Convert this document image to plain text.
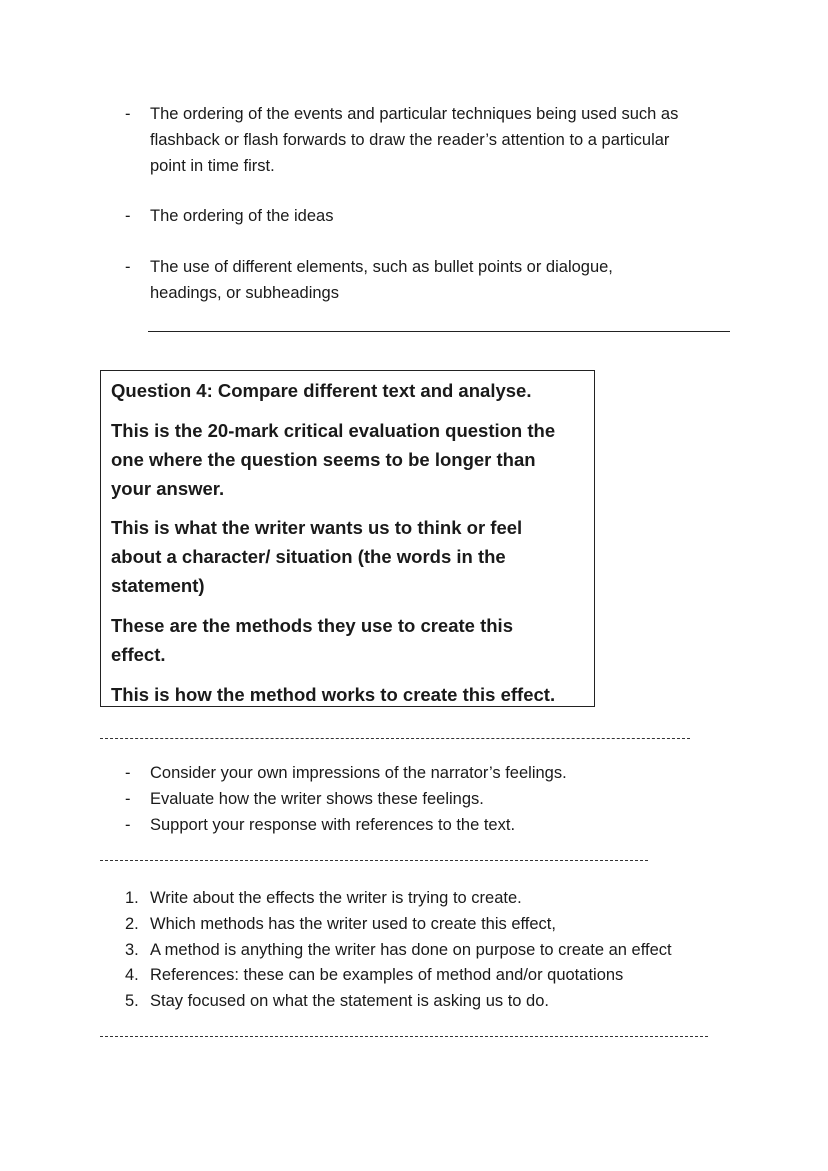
-	The ordering of the events and particular techniques being used such as
flashback or flash forwards to draw the reader’s attention to a particular
point in time first.
-	The ordering of the ideas
-	The use of different elements, such as bullet points or dialogue,
headings, or subheadings
Question 4: Compare different text and analyse.
This is the 20-mark critical evaluation question the
one where the question seems to be longer than
your answer.
This is what the writer wants us to think or feel
about a character/ situation (the words in the
statement)
These are the methods they use to create this
effect.
This is how the method works to create this effect.
-	Consider your own impressions of the narrator’s feelings.
-	Evaluate how the writer shows these feelings.
-	Support your response with references to the text.
1. Write about the effects the writer is trying to create.
2. Which methods has the writer used to create this effect,
3. A method is anything the writer has done on purpose to create an effect
4. References: these can be examples of method and/or quotations
5. Stay focused on what the statement is asking us to do.
